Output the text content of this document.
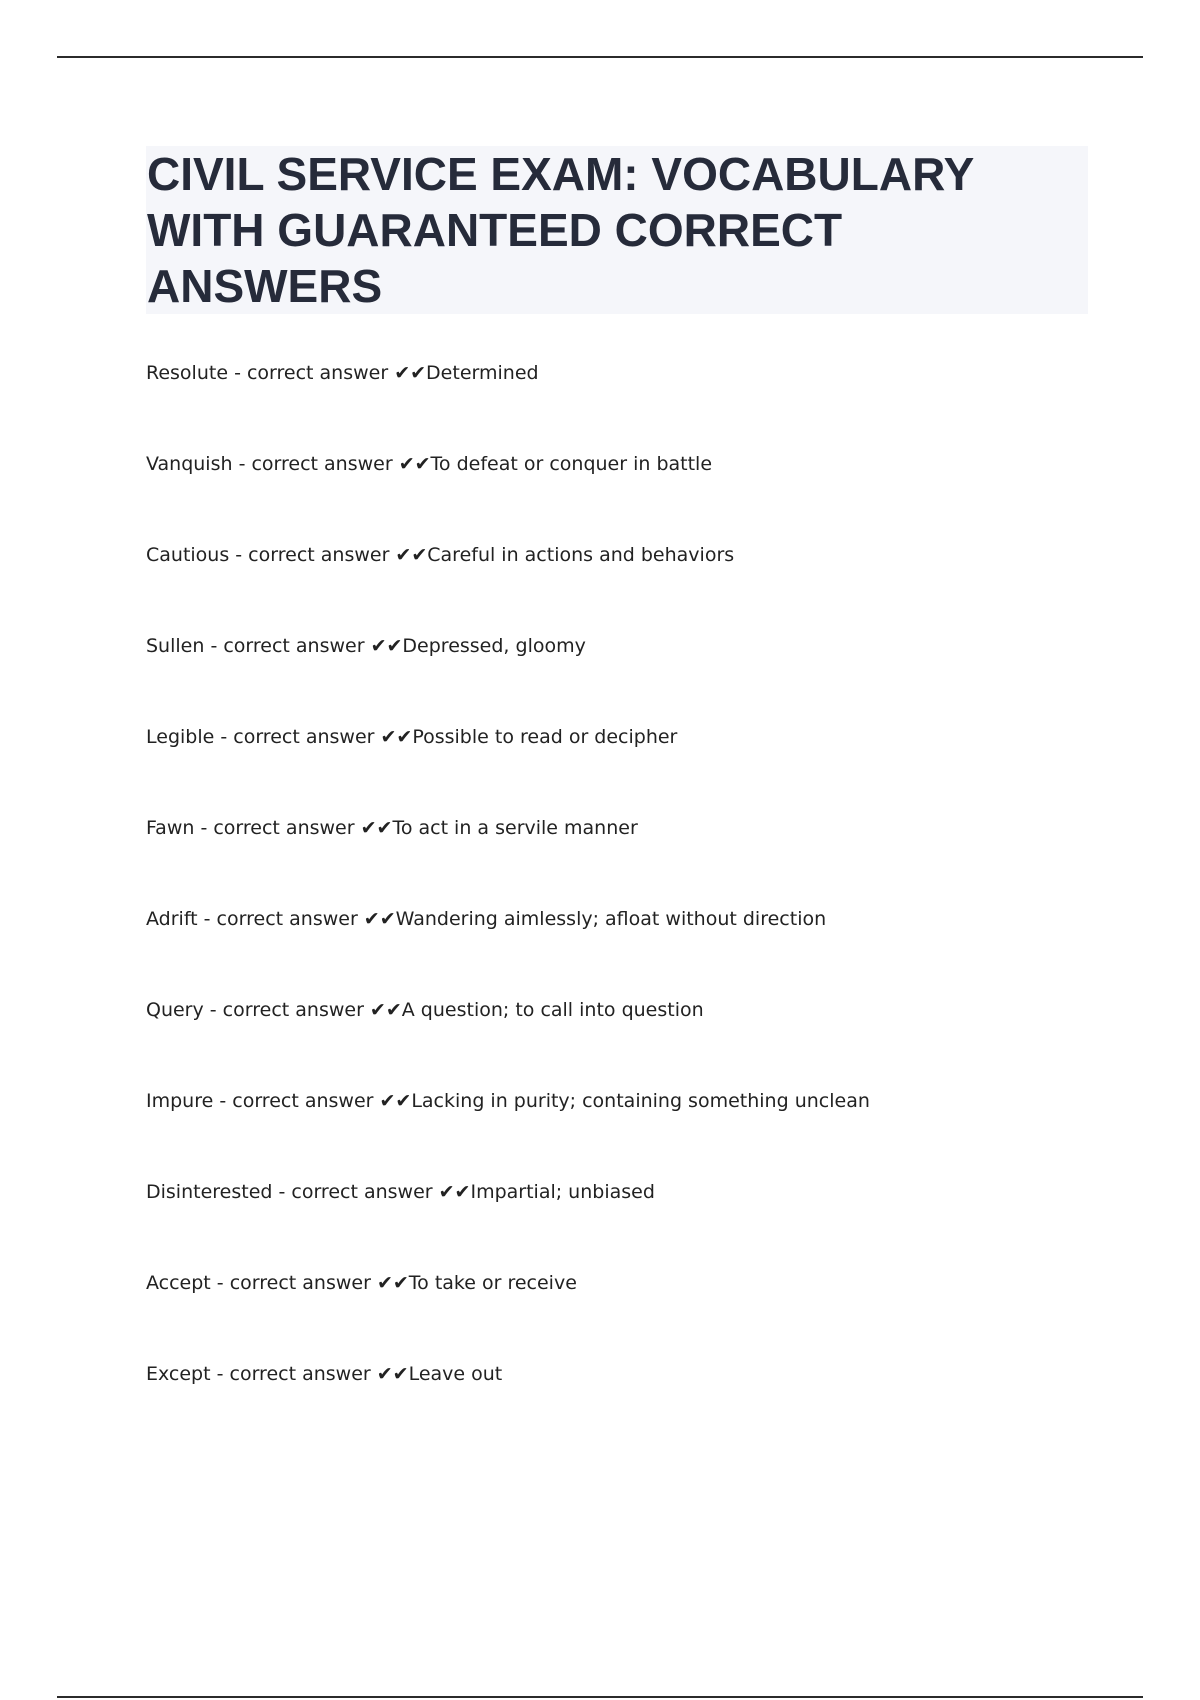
CIVIL SERVICE EXAM: VOCABULARY WITH GUARANTEED CORRECT ANSWERS
Resolute - correct answer ✔✔Determined
Vanquish - correct answer ✔✔To defeat or conquer in battle
Cautious - correct answer ✔✔Careful in actions and behaviors
Sullen - correct answer ✔✔Depressed, gloomy
Legible - correct answer ✔✔Possible to read or decipher
Fawn - correct answer ✔✔To act in a servile manner
Adrift - correct answer ✔✔Wandering aimlessly; afloat without direction
Query - correct answer ✔✔A question; to call into question
Impure - correct answer ✔✔Lacking in purity; containing something unclean
Disinterested - correct answer ✔✔Impartial; unbiased
Accept - correct answer ✔✔To take or receive
Except - correct answer ✔✔Leave out
